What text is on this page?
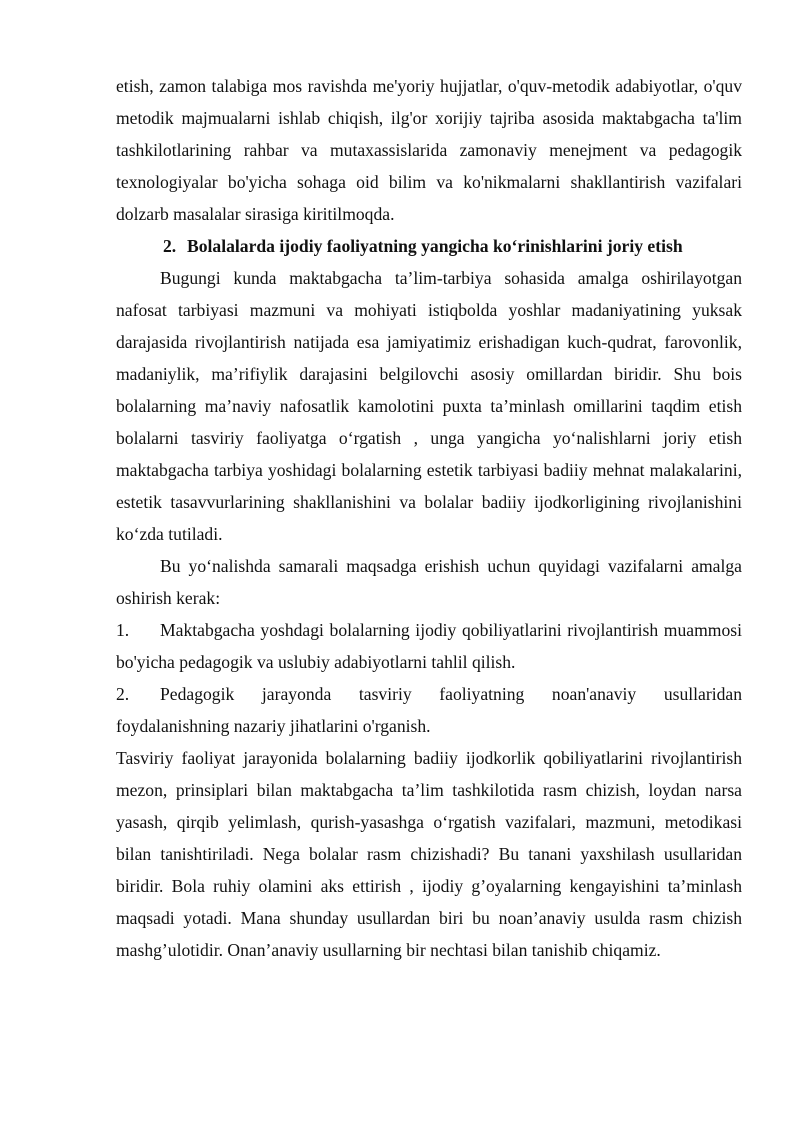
etish, zamon talabiga mos ravishda me'yoriy hujjatlar, o'quv-metodik adabiyotlar, o'quv metodik majmualarni ishlab chiqish, ilg'or xorijiy tajriba asosida maktabgacha ta'lim tashkilotlarining rahbar va mutaxassislarida zamonaviy menejment va pedagogik texnologiyalar bo'yicha sohaga oid bilim va ko'nikmalarni shakllantirish vazifalari dolzarb masalalar sirasiga kiritilmoqda.

2. Bolalalarda ijodiy faoliyatning yangicha ko‘rinishlarini joriy etish

Bugungi kunda maktabgacha ta’lim-tarbiya sohasida amalga oshirilayotgan nafosat tarbiyasi mazmuni va mohiyati istiqbolda yoshlar madaniyatining yuksak darajasida rivojlantirish natijada esa jamiyatimiz erishadigan kuch-qudrat, farovonlik, madaniylik, ma’rifiylik darajasini belgilovchi asosiy omillardan biridir. Shu bois bolalarning ma’naviy nafosatlik kamolotini puxta ta’minlash omillarini taqdim etish bolalarni tasviriy faoliyatga o‘rgatish , unga yangicha yo‘nalishlarni joriy etish maktabgacha tarbiya yoshidagi bolalarning estetik tarbiyasi badiiy mehnat malakalarini, estetik tasavvurlarining shakllanishini va bolalar badiiy ijodkorligining rivojlanishini ko‘zda tutiladi.

Bu yo‘nalishda samarali maqsadga erishish uchun quyidagi vazifalarni amalga oshirish kerak:

1. Maktabgacha yoshdagi bolalarning ijodiy qobiliyatlarini rivojlantirish muammosi bo'yicha pedagogik va uslubiy adabiyotlarni tahlil qilish.

2. Pedagogik jarayonda tasviriy faoliyatning noan'anaviy usullaridan foydalanishning nazariy jihatlarini o'rganish.

Tasviriy faoliyat jarayonida bolalarning badiiy ijodkorlik qobiliyatlarini rivojlantirish mezon, prinsiplari bilan maktabgacha ta’lim tashkilotida rasm chizish, loydan narsa yasash, qirqib yelimlash, qurish-yasashga o‘rgatish vazifalari, mazmuni, metodikasi bilan tanishtiriladi. Nega bolalar rasm chizishadi? Bu tanani yaxshilash usullaridan biridir. Bola ruhiy olamini aks ettirish , ijodiy g’oyalarning kengayishini ta’minlash maqsadi yotadi. Mana shunday usullardan biri bu noan’anaviy usulda rasm chizish mashg’ulotidir. Onan’anaviy usullarning bir nechtasi bilan tanishib chiqamiz.
